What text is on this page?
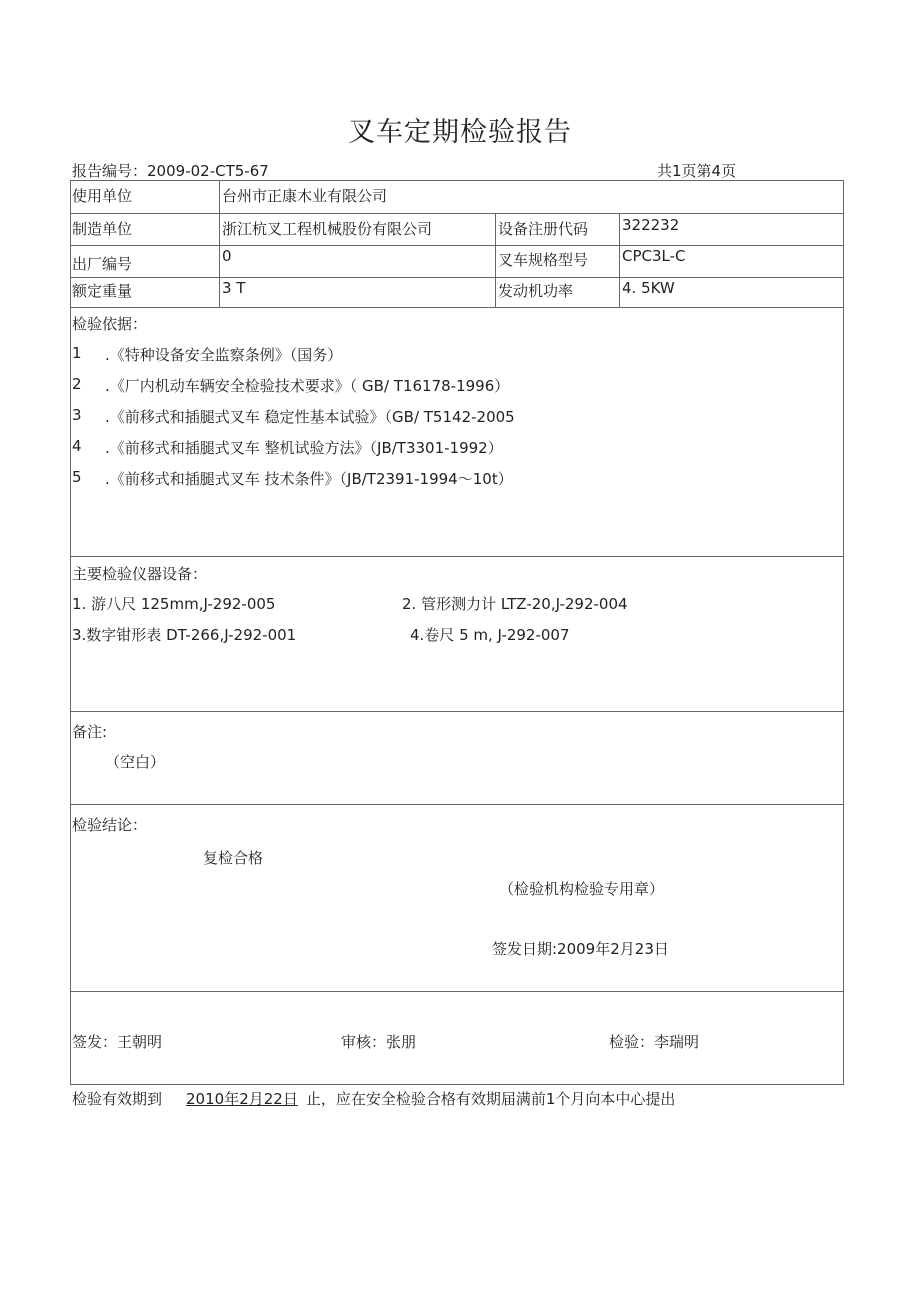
叉车定期检验报告
报告编号：2009-02-CT5-67	共1页第4页
使用单位	台州市正康木业有限公司
制造单位	浙江杭叉工程机械股份有限公司	设备注册代码 322232
出厂编号	0	叉车规格型号 CPC3L-C
额定重量	3 T	发动机功率	4. 5KW
检验依据：
1 .《特种设备安全监察条例》（国务）
2 .《厂内机动车辆安全检验技术要求》（ GB/ T16178-1996）
3 .《前移式和插腿式叉车 稳定性基本试验》（GB/ T5142-2005
4 .《前移式和插腿式叉车 整机试验方法》（JB/T3301-1992）
5 .《前移式和插腿式叉车 技术条件》（JB/T2391-1994～10t）
主要检验仪器设备：
1. 游八尺 125mm,J-292-005	2. 管形测力计 LTZ-20,J-292-004
3.数字钳形表 DT-266,J-292-001	4.卷尺 5 m, J-292-007
备注:
（空白）
检验结论：
复检合格
（检验机构检验专用章）
签发日期:2009年2月23日
签发：王朝明	审核：张朋	检验：李瑞明
检验有效期到 2010年2月22日 止，应在安全检验合格有效期届满前1个月向本中心提出
